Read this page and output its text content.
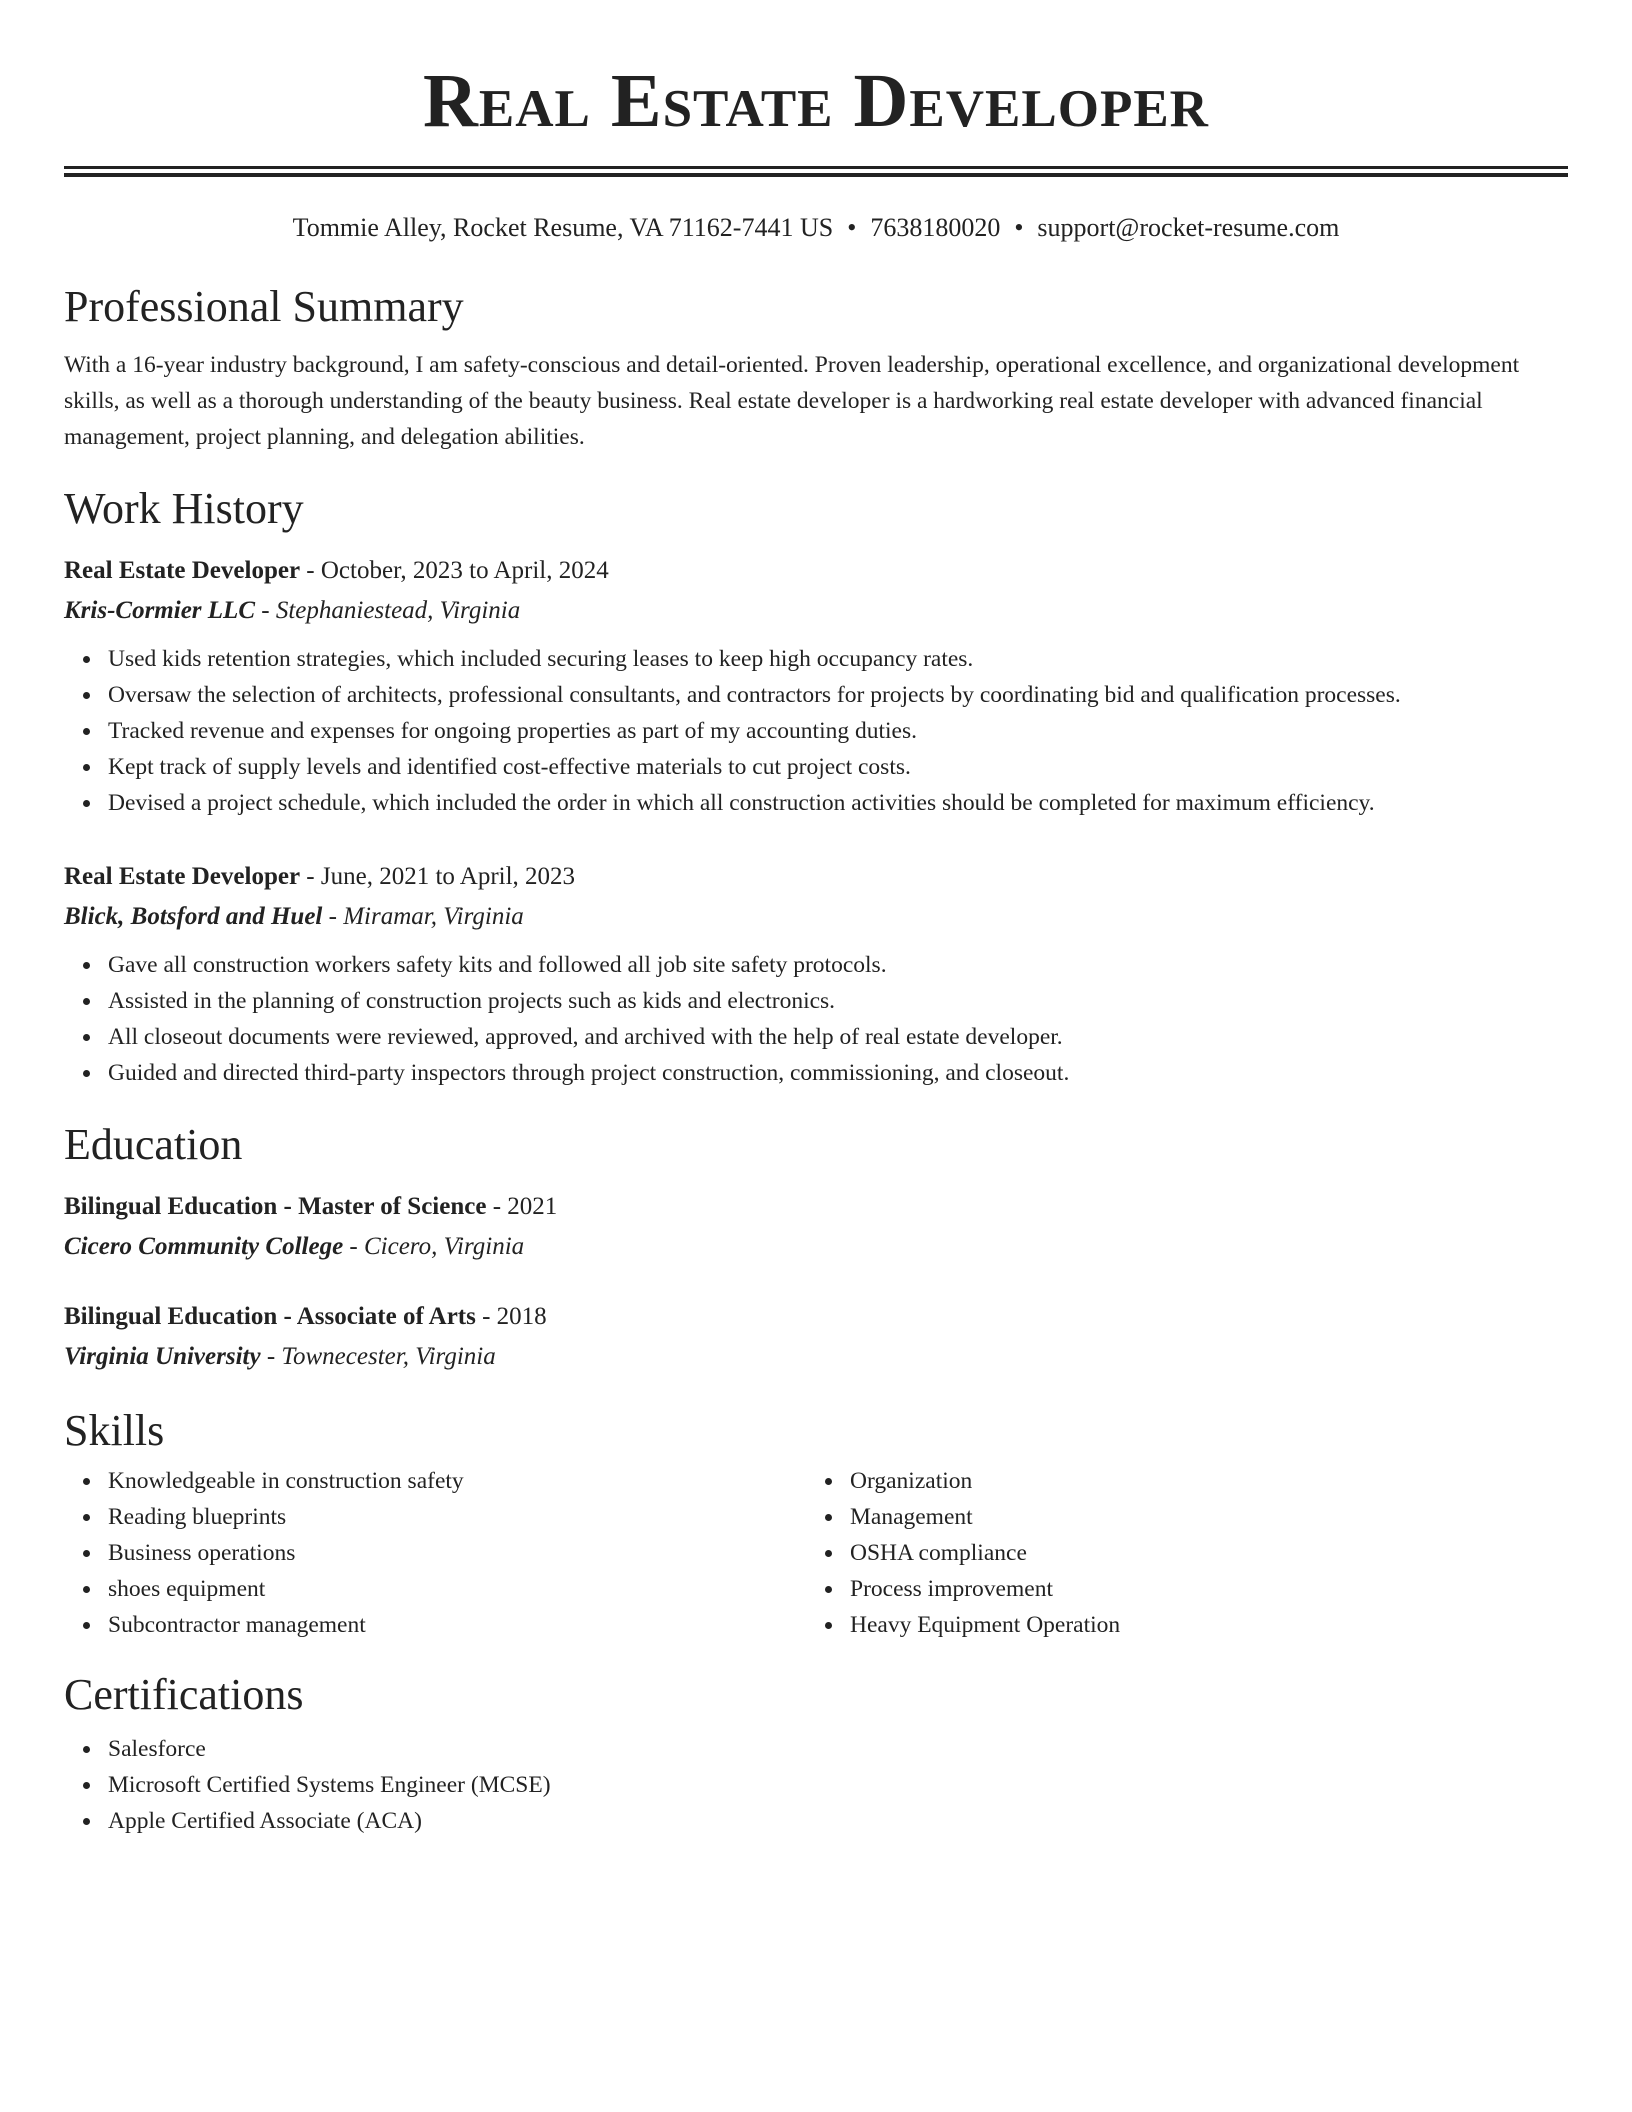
Real Estate Developer
Tommie Alley, Rocket Resume, VA 71162-7441 US • 7638180020 • support@rocket-resume.com
Professional Summary
With a 16-year industry background, I am safety-conscious and detail-oriented. Proven leadership, operational excellence, and organizational development skills, as well as a thorough understanding of the beauty business. Real estate developer is a hardworking real estate developer with advanced financial management, project planning, and delegation abilities.
Work History
Real Estate Developer - October, 2023 to April, 2024
Kris-Cormier LLC - Stephaniestead, Virginia
Used kids retention strategies, which included securing leases to keep high occupancy rates.
Oversaw the selection of architects, professional consultants, and contractors for projects by coordinating bid and qualification processes.
Tracked revenue and expenses for ongoing properties as part of my accounting duties.
Kept track of supply levels and identified cost-effective materials to cut project costs.
Devised a project schedule, which included the order in which all construction activities should be completed for maximum efficiency.
Real Estate Developer - June, 2021 to April, 2023
Blick, Botsford and Huel - Miramar, Virginia
Gave all construction workers safety kits and followed all job site safety protocols.
Assisted in the planning of construction projects such as kids and electronics.
All closeout documents were reviewed, approved, and archived with the help of real estate developer.
Guided and directed third-party inspectors through project construction, commissioning, and closeout.
Education
Bilingual Education - Master of Science - 2021
Cicero Community College - Cicero, Virginia
Bilingual Education - Associate of Arts - 2018
Virginia University - Townecester, Virginia
Skills
Knowledgeable in construction safety
Reading blueprints
Business operations
shoes equipment
Subcontractor management
Organization
Management
OSHA compliance
Process improvement
Heavy Equipment Operation
Certifications
Salesforce
Microsoft Certified Systems Engineer (MCSE)
Apple Certified Associate (ACA)
